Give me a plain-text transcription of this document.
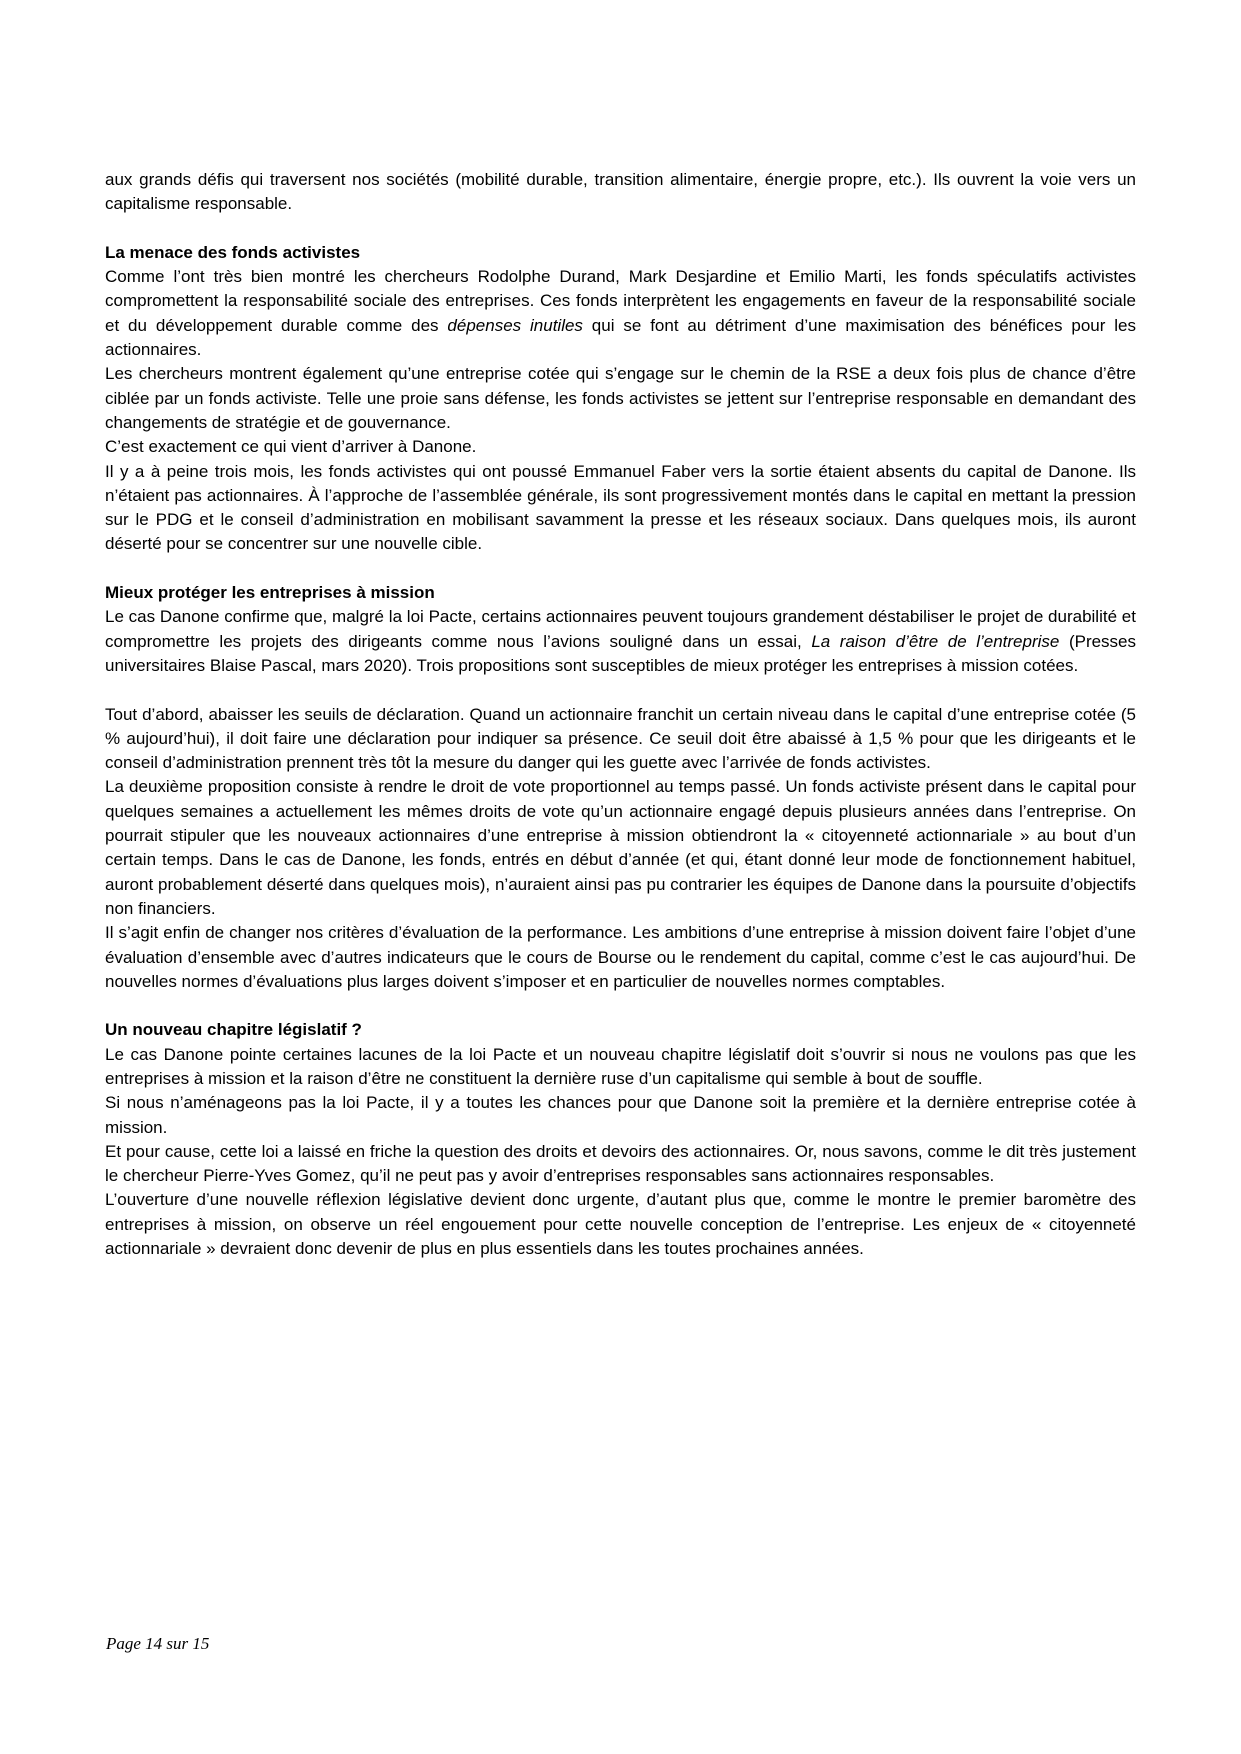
aux grands défis qui traversent nos sociétés (mobilité durable, transition alimentaire, énergie propre, etc.). Ils ouvrent la voie vers un capitalisme responsable.

La menace des fonds activistes

Comme l’ont très bien montré les chercheurs Rodolphe Durand, Mark Desjardine et Emilio Marti, les fonds spéculatifs activistes compromettent la responsabilité sociale des entreprises. Ces fonds interprètent les engagements en faveur de la responsabilité sociale et du développement durable comme des dépenses inutiles qui se font au détriment d’une maximisation des bénéfices pour les actionnaires.

Les chercheurs montrent également qu’une entreprise cotée qui s’engage sur le chemin de la RSE a deux fois plus de chance d’être ciblée par un fonds activiste. Telle une proie sans défense, les fonds activistes se jettent sur l’entreprise responsable en demandant des changements de stratégie et de gouvernance.

C’est exactement ce qui vient d’arriver à Danone.

Il y a à peine trois mois, les fonds activistes qui ont poussé Emmanuel Faber vers la sortie étaient absents du capital de Danone. Ils n’étaient pas actionnaires. À l’approche de l’assemblée générale, ils sont progressivement montés dans le capital en mettant la pression sur le PDG et le conseil d’administration en mobilisant savamment la presse et les réseaux sociaux. Dans quelques mois, ils auront déserté pour se concentrer sur une nouvelle cible.

Mieux protéger les entreprises à mission

Le cas Danone confirme que, malgré la loi Pacte, certains actionnaires peuvent toujours grandement déstabiliser le projet de durabilité et compromettre les projets des dirigeants comme nous l’avions souligné dans un essai, La raison d’être de l’entreprise (Presses universitaires Blaise Pascal, mars 2020). Trois propositions sont susceptibles de mieux protéger les entreprises à mission cotées.

Tout d’abord, abaisser les seuils de déclaration. Quand un actionnaire franchit un certain niveau dans le capital d’une entreprise cotée (5 % aujourd’hui), il doit faire une déclaration pour indiquer sa présence. Ce seuil doit être abaissé à 1,5 % pour que les dirigeants et le conseil d’administration prennent très tôt la mesure du danger qui les guette avec l’arrivée de fonds activistes.

La deuxième proposition consiste à rendre le droit de vote proportionnel au temps passé. Un fonds activiste présent dans le capital pour quelques semaines a actuellement les mêmes droits de vote qu’un actionnaire engagé depuis plusieurs années dans l’entreprise. On pourrait stipuler que les nouveaux actionnaires d’une entreprise à mission obtiendront la « citoyenneté actionnariale » au bout d’un certain temps. Dans le cas de Danone, les fonds, entrés en début d’année (et qui, étant donné leur mode de fonctionnement habituel, auront probablement déserté dans quelques mois), n’auraient ainsi pas pu contrarier les équipes de Danone dans la poursuite d’objectifs non financiers.

Il s’agit enfin de changer nos critères d’évaluation de la performance. Les ambitions d’une entreprise à mission doivent faire l’objet d’une évaluation d’ensemble avec d’autres indicateurs que le cours de Bourse ou le rendement du capital, comme c’est le cas aujourd’hui. De nouvelles normes d’évaluations plus larges doivent s’imposer et en particulier de nouvelles normes comptables.

Un nouveau chapitre législatif ?

Le cas Danone pointe certaines lacunes de la loi Pacte et un nouveau chapitre législatif doit s’ouvrir si nous ne voulons pas que les entreprises à mission et la raison d’être ne constituent la dernière ruse d’un capitalisme qui semble à bout de souffle.

Si nous n’aménageons pas la loi Pacte, il y a toutes les chances pour que Danone soit la première et la dernière entreprise cotée à mission.

Et pour cause, cette loi a laissé en friche la question des droits et devoirs des actionnaires. Or, nous savons, comme le dit très justement le chercheur Pierre-Yves Gomez, qu’il ne peut pas y avoir d’entreprises responsables sans actionnaires responsables.

L’ouverture d’une nouvelle réflexion législative devient donc urgente, d’autant plus que, comme le montre le premier baromètre des entreprises à mission, on observe un réel engouement pour cette nouvelle conception de l’entreprise. Les enjeux de « citoyenneté actionnariale » devraient donc devenir de plus en plus essentiels dans les toutes prochaines années.

Page 14 sur 15
